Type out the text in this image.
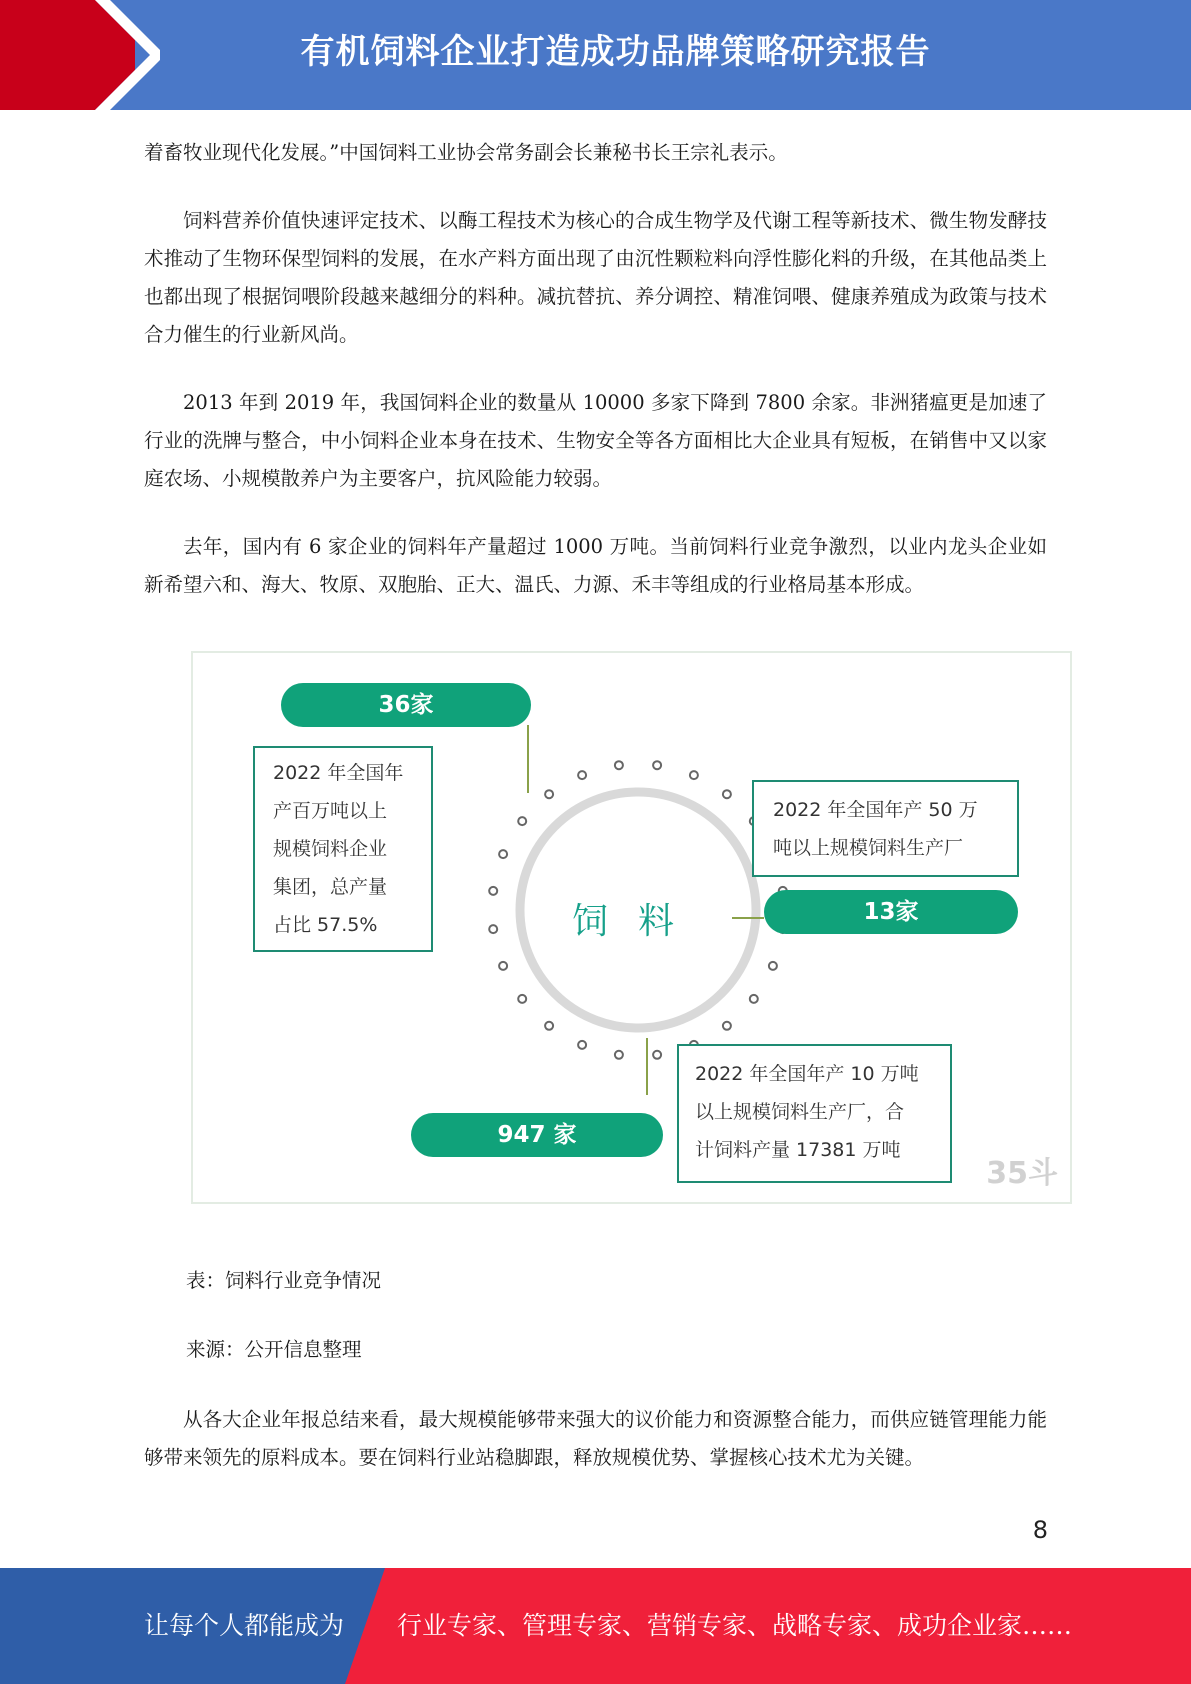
有机饲料企业打造成功品牌策略研究报告

着畜牧业现代化发展。”中国饲料工业协会常务副会长兼秘书长王宗礼表示。

饲料营养价值快速评定技术、以酶工程技术为核心的合成生物学及代谢工程等新技术、微生物发酵技术推动了生物环保型饲料的发展，在水产料方面出现了由沉性颗粒料向浮性膨化料的升级，在其他品类上也都出现了根据饲喂阶段越来越细分的料种。减抗替抗、养分调控、精准饲喂、健康养殖成为政策与技术合力催生的行业新风尚。

2013 年到 2019 年，我国饲料企业的数量从 10000 多家下降到 7800 余家。非洲猪瘟更是加速了行业的洗牌与整合，中小饲料企业本身在技术、生物安全等各方面相比大企业具有短板，在销售中又以家庭农场、小规模散养户为主要客户，抗风险能力较弱。

去年，国内有 6 家企业的饲料年产量超过 1000 万吨。当前饲料行业竞争激烈，以业内龙头企业如新希望六和、海大、牧原、双胞胎、正大、温氏、力源、禾丰等组成的行业格局基本形成。

饲料
36家
2022 年全国年
产百万吨以上
规模饲料企业
集团，总产量
占比 57.5%
2022 年全国年产 50 万
吨以上规模饲料生产厂
13家
947 家
2022 年全国年产 10 万吨
以上规模饲料生产厂，合
计饲料产量 17381 万吨
35斗
表：饲料行业竞争情况
来源：公开信息整理

从各大企业年报总结来看，最大规模能够带来强大的议价能力和资源整合能力，而供应链管理能力能够带来领先的原料成本。要在饲料行业站稳脚跟，释放规模优势、掌握核心技术尤为关键。

8
让每个人都能成为 行业专家、管理专家、营销专家、战略专家、成功企业家……
